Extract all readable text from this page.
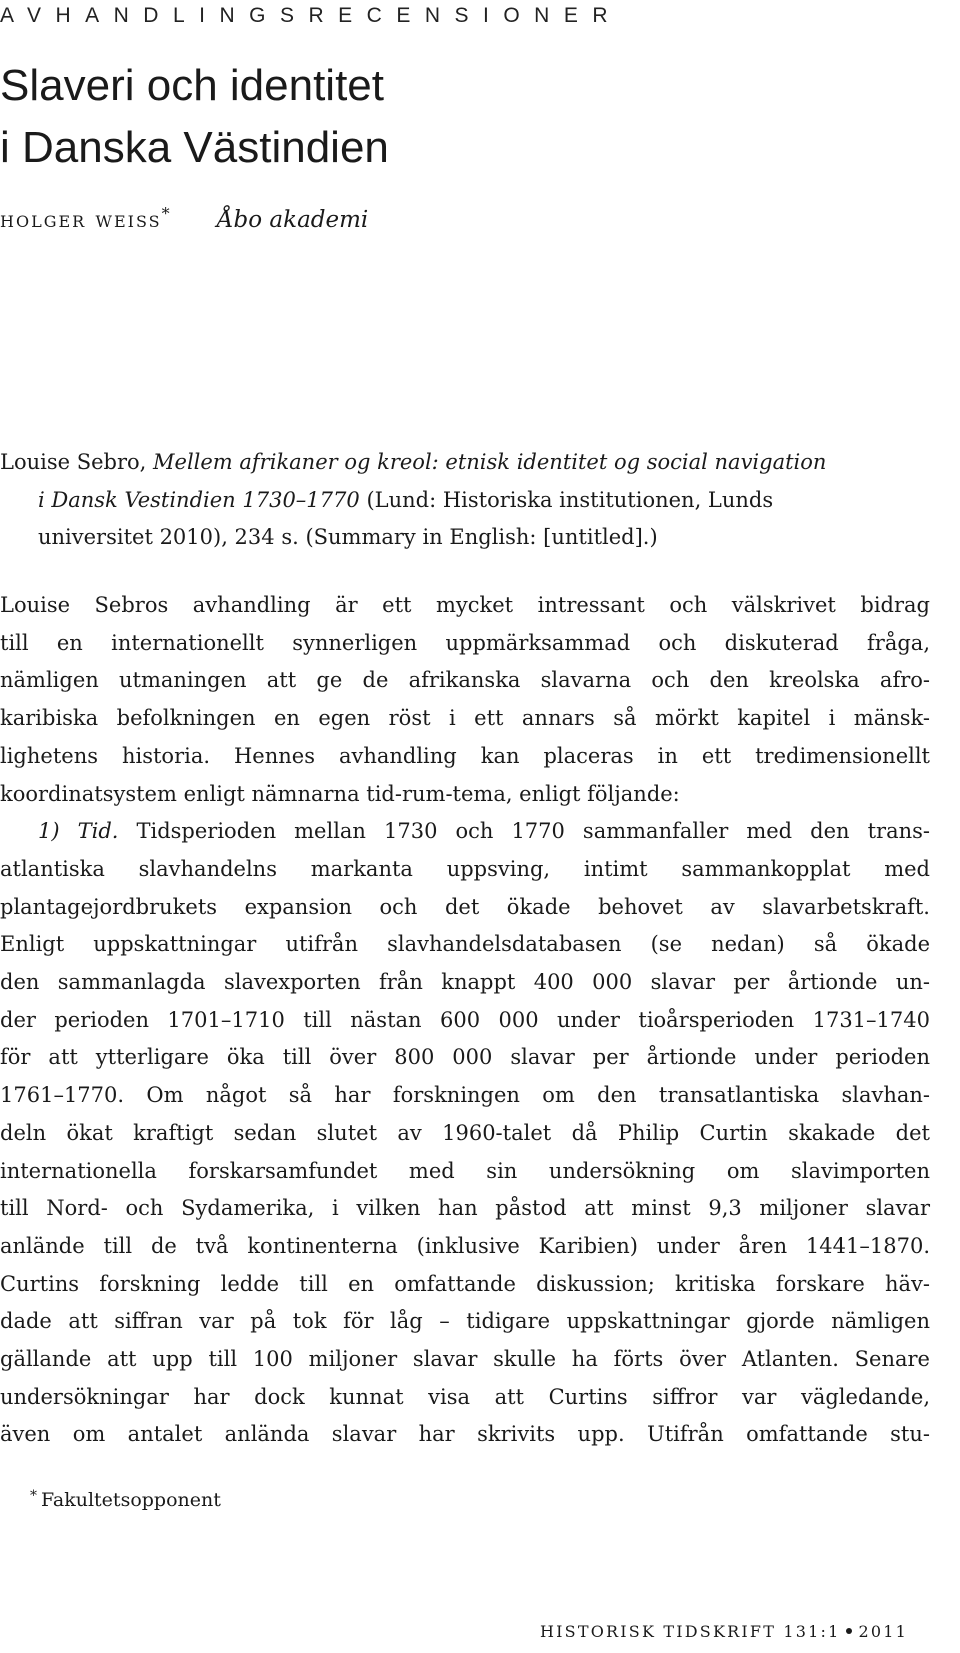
AVHANDLINGSRECENSIONER
Slaveri och identitet
i Danska Västindien
holger weiss* Åbo akademi
Louise Sebro, Mellem afrikaner og kreol: etnisk identitet og social navigation
i Dansk Vestindien 1730–1770 (Lund: Historiska institutionen, Lunds
universitet 2010), 234 s. (Summary in English: [untitled].)
Louise Sebros avhandling är ett mycket intressant och välskrivet bidrag
till en internationellt synnerligen uppmärksammad och diskuterad fråga,
nämligen utmaningen att ge de afrikanska slavarna och den kreolska afro-
karibiska befolkningen en egen röst i ett annars så mörkt kapitel i mänsk-
lighetens historia. Hennes avhandling kan placeras in ett tredimensionellt
koordinatsystem enligt nämnarna tid-rum-tema, enligt följande:
1) Tid. Tidsperioden mellan 1730 och 1770 sammanfaller med den trans-
atlantiska slavhandelns markanta uppsving, intimt sammankopplat med
plantagejordbrukets expansion och det ökade behovet av slavarbetskraft.
Enligt uppskattningar utifrån slavhandelsdatabasen (se nedan) så ökade
den sammanlagda slavexporten från knappt 400 000 slavar per årtionde un-
der perioden 1701–1710 till nästan 600 000 under tioårsperioden 1731–1740
för att ytterligare öka till över 800 000 slavar per årtionde under perioden
1761–1770. Om något så har forskningen om den transatlantiska slavhan-
deln ökat kraftigt sedan slutet av 1960-talet då Philip Curtin skakade det
internationella forskarsamfundet med sin undersökning om slavimporten
till Nord- och Sydamerika, i vilken han påstod att minst 9,3 miljoner slavar
anlände till de två kontinenterna (inklusive Karibien) under åren 1441–1870.
Curtins forskning ledde till en omfattande diskussion; kritiska forskare häv-
dade att siffran var på tok för låg – tidigare uppskattningar gjorde nämligen
gällande att upp till 100 miljoner slavar skulle ha förts över Atlanten. Senare
undersökningar har dock kunnat visa att Curtins siffror var vägledande,
även om antalet anlända slavar har skrivits upp. Utifrån omfattande stu-
* Fakultetsopponent
HISTORISK TIDSKRIFT 131:1 2011
